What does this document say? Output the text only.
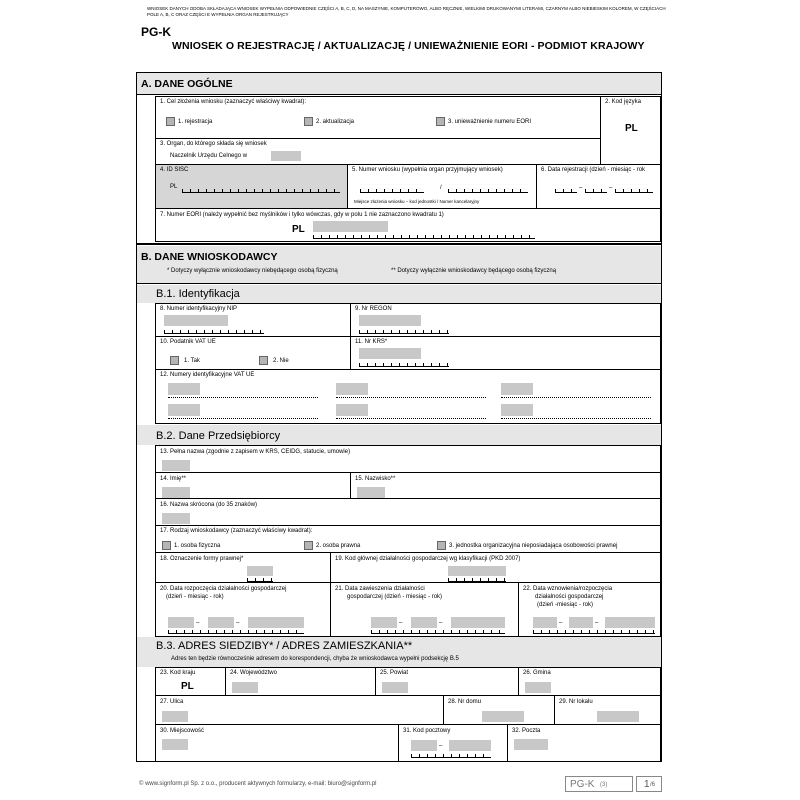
WNIOSEK DANYCH ODOBA SKŁADAJĄCA WNIOSEK WYPEŁNIA ODPOWIEDNIE CZĘŚCI A, B, C, D, NA MASZYNIE, KOMPUTEROWO, ALBO RĘCZNIE, WIELKIMI DRUKOWANYMI LITERAMI, CZARNYM ALBO NIEBIESKIM KOLOREM, W CZĘŚCIACH POLE A, B, C ORAZ CZĘŚCI E WYPEŁNIA ORGAN REJESTRUJĄCY
PG-K
WNIOSEK O REJESTRACJĘ / AKTUALIZACJĘ / UNIEWAŻNIENIE EORI - PODMIOT KRAJOWY
A. DANE OGÓLNE
1. Cel złożenia wniosku (zaznaczyć właściwy kwadrat):
1. rejestracja	2. aktualizacja	3. unieważnienie numeru EORI
2. Kod języka
PL
3. Organ, do którego składa się wniosek
Naczelnik Urzędu Celnego w
4. ID SISC
PL
5. Numer wniosku (wypełnia organ przyjmujący wniosek)
/
Miejsce złożenia wniosku – kod jednostki / Numer kancelaryjny
6. Data rejestracji (dzień - miesiąc - rok
–	–
7. Numer EORI (należy wypełnić bez myślników i tylko wówczas, gdy w polu 1 nie zaznaczono kwadratu 1)
PL
B. DANE WNIOSKODAWCY
* Dotyczy wyłącznie wnioskodawcy niebędącego osobą fizyczną	** Dotyczy wyłącznie wnioskodawcy będącego osobą fizyczną
B.1. Identyfikacja
8. Numer identyfikacyjny NIP	9. Nr REGON
10. Podatnik VAT UE
1. Tak	2. Nie
11. Nr KRS*
12. Numery identyfikacyjne VAT UE
B.2. Dane Przedsiębiorcy
13. Pełna nazwa (zgodnie z zapisem w KRS, CEIDG, statucie, umowie)
14. Imię**	15. Nazwisko**
16. Nazwa skrócona (do 35 znaków)
17. Rodzaj wnioskodawcy (zaznaczyć właściwy kwadrat):
1. osoba fizyczna	2. osoba prawna	3. jednostka organizacyjna nieposiadająca osobowości prawnej
18. Oznaczenie formy prawnej*	19. Kod głównej działalności gospodarczej wg klasyfikacji (PKD 2007)
20. Data rozpoczęcia działalności gospodarczej
(dzień - miesiąc - rok)
–	–
21. Data zawieszenia działalności
gospodarczej (dzień - miesiąc - rok)
–	–
22. Data wznowienia/rozpoczęcia
działalności gospodarczej
(dzień -miesiąc - rok)
–	–
B.3. ADRES SIEDZIBY* / ADRES ZAMIESZKANIA**
Adres ten będzie równocześnie adresem do korespondencji, chyba że wnioskodawca wypełni podsekcję B.5
23. Kod kraju
PL
24. Województwo	25. Powiat	26. Gmina
27. Ulica	28. Nr domu	29. Nr lokalu
30. Miejscowość	31. Kod pocztowy
–
32. Poczta
© www.signform.pl Sp. z o.o., producent aktywnych formularzy, e-mail: biuro@signform.pl	PG-K (3)	1 /6
